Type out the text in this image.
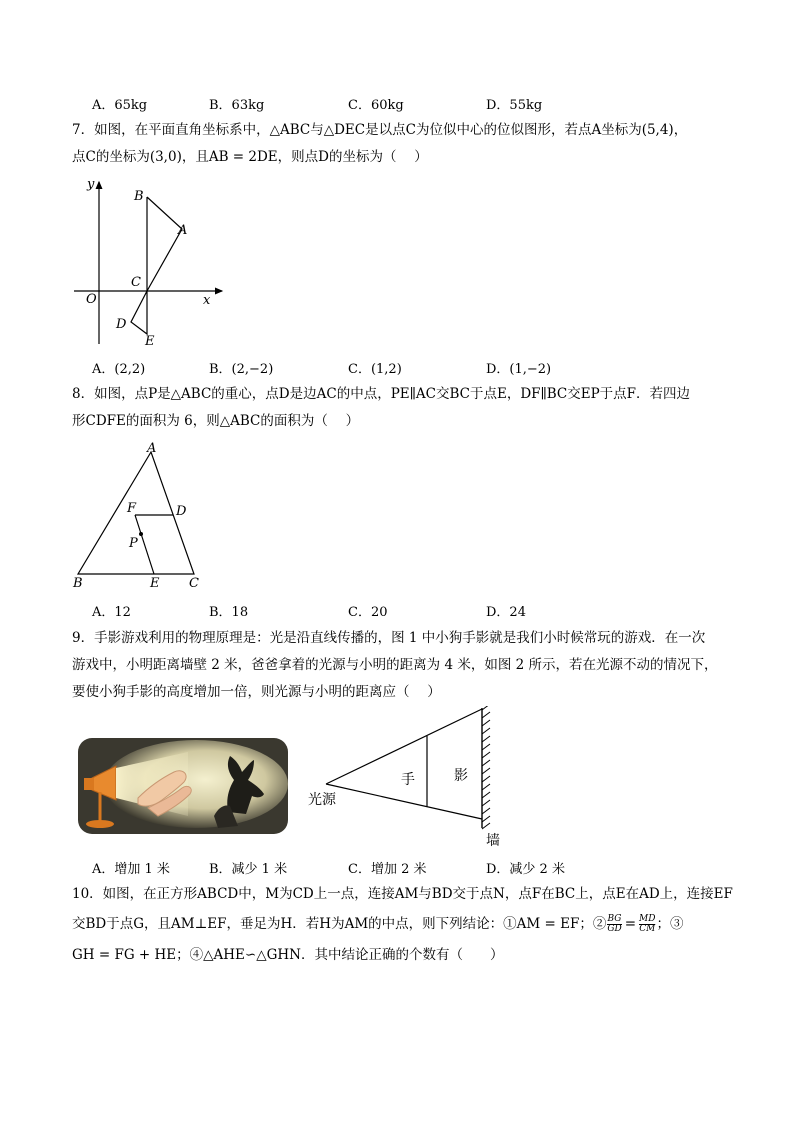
A．65kg	B．63kg	C．60kg	D．55kg
7．如图，在平面直角坐标系中，△ABC与△DEC是以点C为位似中心的位似图形，若点A坐标为(5,4)，
点C的坐标为(3,0)，且AB = 2DE，则点D的坐标为（　 ）
y
x
O
B
A
C
D
E
A．(2,2)	B．(2,−2)	C．(1,2)	D．(1,−2)
8．如图，点P是△ABC的重心，点D是边AC的中点，PE∥AC交BC于点E，DF∥BC交EP于点F．若四边
形CDFE的面积为 6，则△ABC的面积为（　 ）
A
F	D
P
B	E C
A．12	B．18	C．20	D．24
9．手影游戏利用的物理原理是：光是沿直线传播的，图 1 中小狗手影就是我们小时候常玩的游戏．在一次
游戏中，小明距离墙壁 2 米，爸爸拿着的光源与小明的距离为 4 米，如图 2 所示，若在光源不动的情况下，
要使小狗手影的高度增加一倍，则光源与小明的距离应（　 ）
手	影
光源
墙
A．增加 1 米	B．减少 1 米	C．增加 2 米	D．减少 2 米
10．如图，在正方形ABCD中，M为CD上一点，连接AM与BD交于点N，点F在BC上，点E在AD上，连接EF
交BD于点G，且AM⊥EF，垂足为H．若H为AM的中点，则下列结论：①AM = EF；② $\frac{BG}{GD} = \frac{MD}{CM}$ ；③
GH = FG + HE；④△AHE∽△GHN．其中结论正确的个数有（　　）
